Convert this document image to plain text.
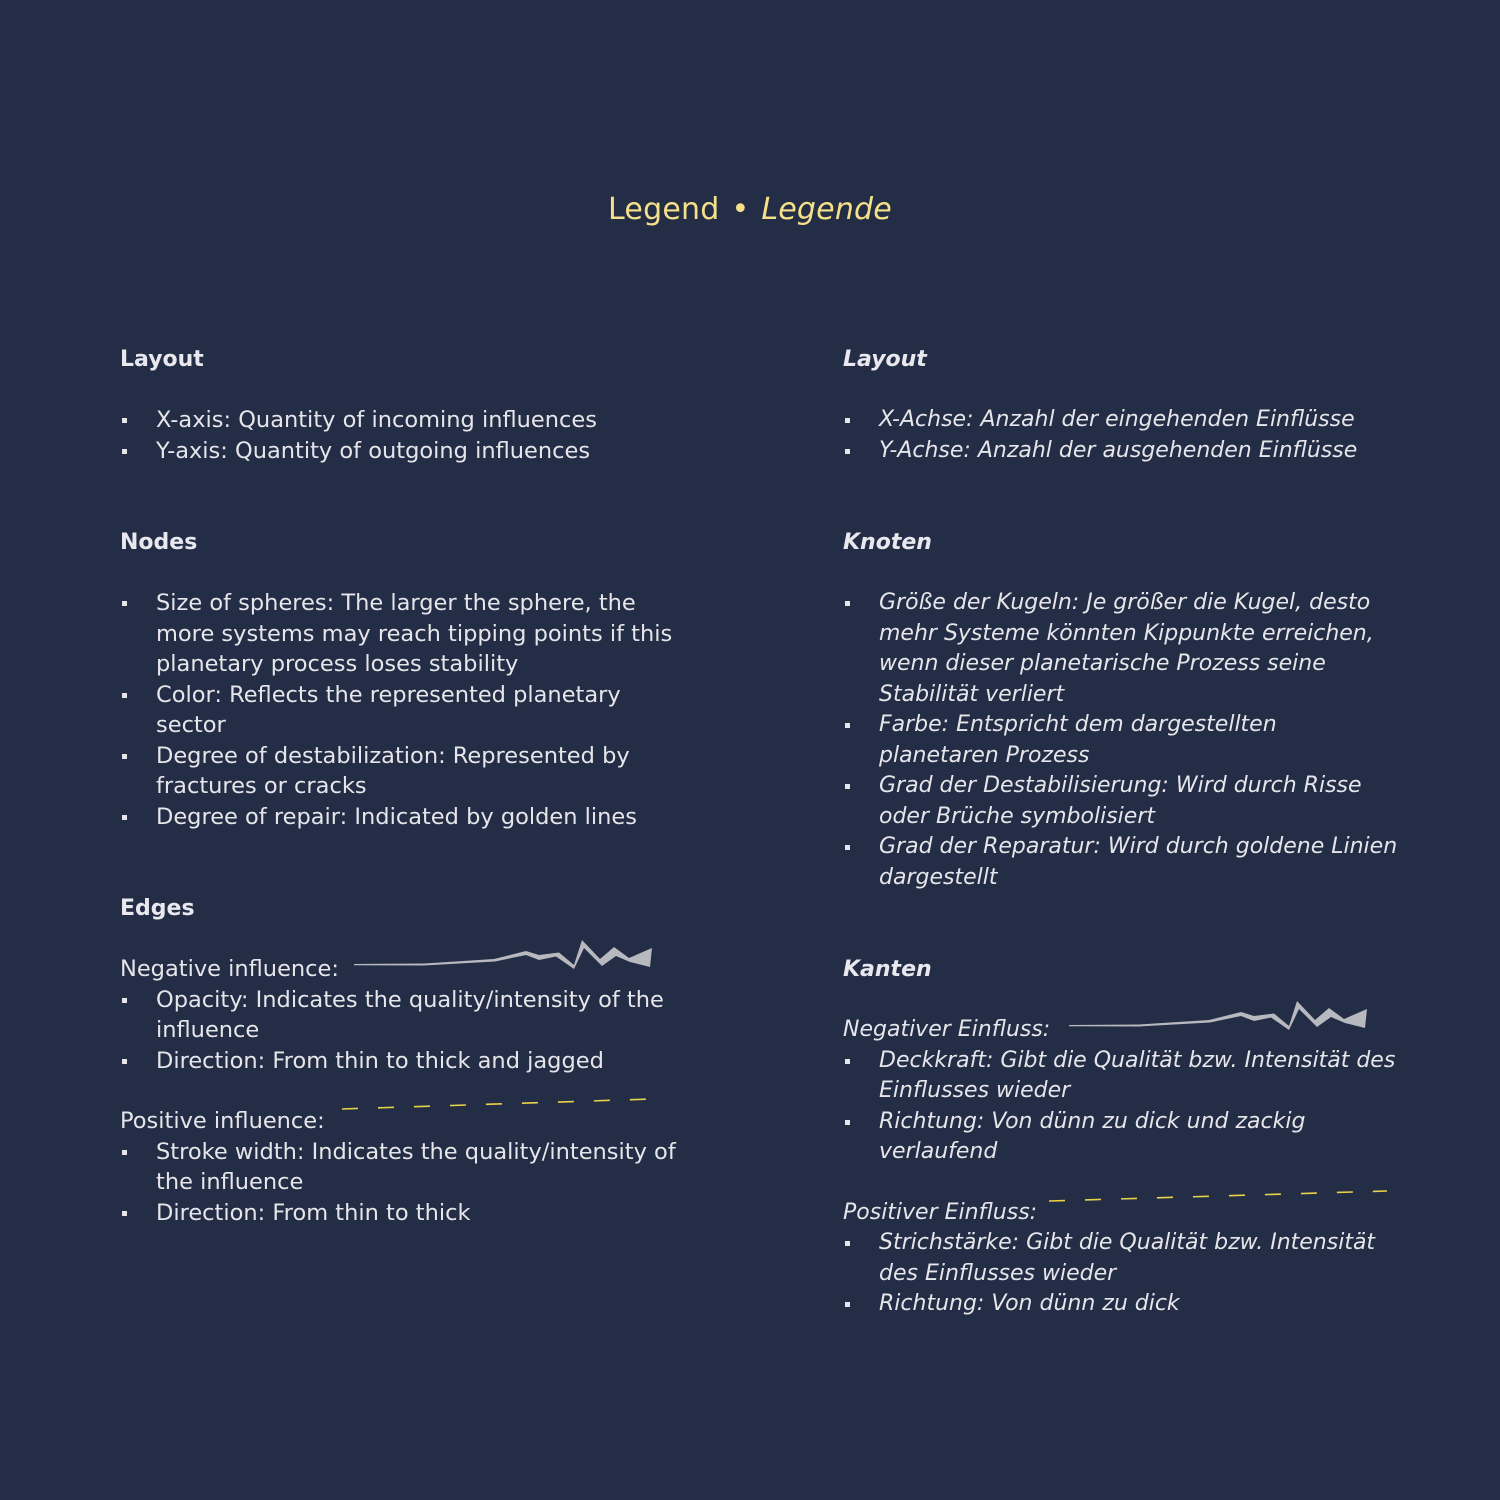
Legend • Legende
Layout
X-axis: Quantity of incoming influences
Y-axis: Quantity of outgoing influences
Nodes
Size of spheres: The larger the sphere, the more systems may reach tipping points if this planetary process loses stability
Color: Reflects the represented planetary sector
Degree of destabilization: Represented by fractures or cracks
Degree of repair: Indicated by golden lines
Edges
Negative influence:
Opacity: Indicates the quality/intensity of the influence
Direction: From thin to thick and jagged
Positive influence:
Stroke width: Indicates the quality/intensity of the influence
Direction: From thin to thick
Layout
X-Achse: Anzahl der eingehenden Einflüsse
Y-Achse: Anzahl der ausgehenden Einflüsse
Knoten
Größe der Kugeln: Je größer die Kugel, desto mehr Systeme könnten Kippunkte erreichen, wenn dieser planetarische Prozess seine Stabilität verliert
Farbe: Entspricht dem dargestellten planetaren Prozess
Grad der Destabilisierung: Wird durch Risse oder Brüche symbolisiert
Grad der Reparatur: Wird durch goldene Linien dargestellt
Kanten
Negativer Einfluss:
Deckkraft: Gibt die Qualität bzw. Intensität des Einflusses wieder
Richtung: Von dünn zu dick und zackig verlaufend
Positiver Einfluss:
Strichstärke: Gibt die Qualität bzw. Intensität des Einflusses wieder
Richtung: Von dünn zu dick
